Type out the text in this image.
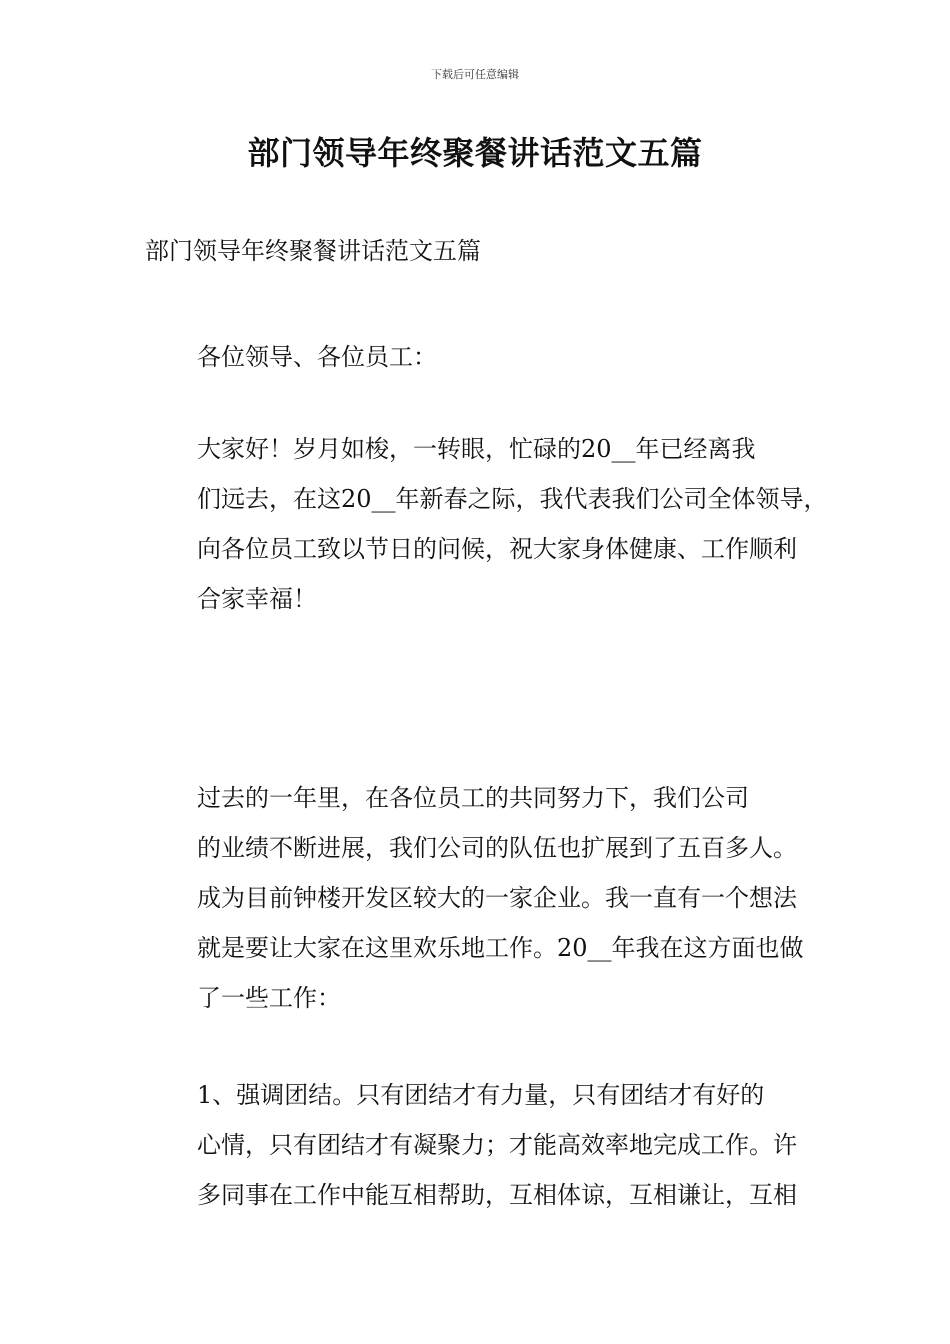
下载后可任意编辑
部门领导年终聚餐讲话范文五篇

部门领导年终聚餐讲话范文五篇

各位领导、各位员工：

大家好！岁月如梭，一转眼，忙碌的20__年已经离我
们远去，在这20__年新春之际，我代表我们公司全体领导，
向各位员工致以节日的问候，祝大家身体健康、工作顺利
合家幸福！

过去的一年里，在各位员工的共同努力下，我们公司
的业绩不断进展，我们公司的队伍也扩展到了五百多人。
成为目前钟楼开发区较大的一家企业。我一直有一个想法
就是要让大家在这里欢乐地工作。20__年我在这方面也做
了一些工作：

1、强调团结。只有团结才有力量，只有团结才有好的
心情，只有团结才有凝聚力；才能高效率地完成工作。许
多同事在工作中能互相帮助，互相体谅，互相谦让，互相
